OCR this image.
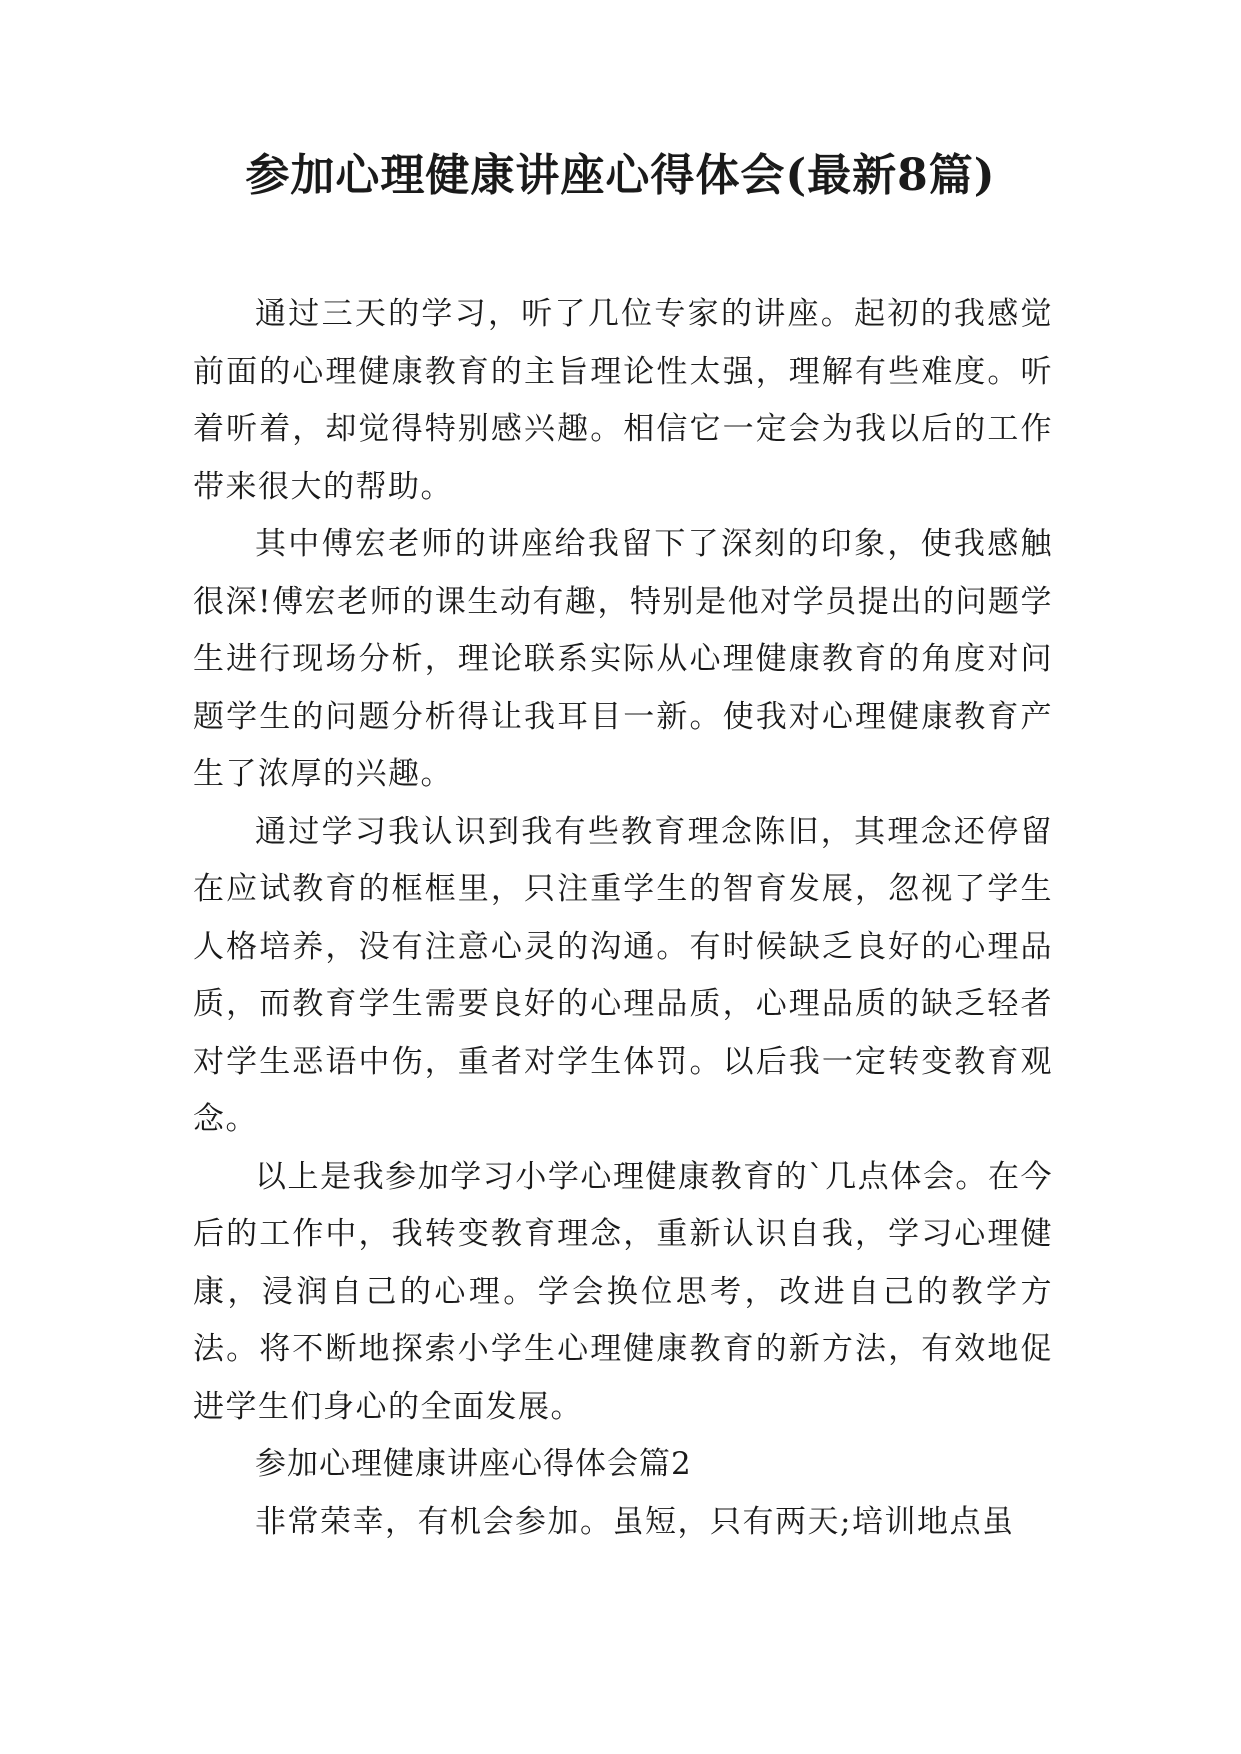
参加心理健康讲座心得体会(最新8篇)

通过三天的学习，听了几位专家的讲座。起初的我感觉前面的心理健康教育的主旨理论性太强，理解有些难度。听着听着，却觉得特别感兴趣。相信它一定会为我以后的工作带来很大的帮助。

其中傅宏老师的讲座给我留下了深刻的印象，使我感触很深!傅宏老师的课生动有趣，特别是他对学员提出的问题学生进行现场分析，理论联系实际从心理健康教育的角度对问题学生的问题分析得让我耳目一新。使我对心理健康教育产生了浓厚的兴趣。

通过学习我认识到我有些教育理念陈旧，其理念还停留在应试教育的框框里，只注重学生的智育发展，忽视了学生人格培养，没有注意心灵的沟通。有时候缺乏良好的心理品质，而教育学生需要良好的心理品质，心理品质的缺乏轻者对学生恶语中伤，重者对学生体罚。以后我一定转变教育观念。

以上是我参加学习小学心理健康教育的`几点体会。在今后的工作中，我转变教育理念，重新认识自我，学习心理健康，浸润自己的心理。学会换位思考，改进自己的教学方法。将不断地探索小学生心理健康教育的新方法，有效地促进学生们身心的全面发展。

参加心理健康讲座心得体会篇2

非常荣幸，有机会参加。虽短，只有两天;培训地点虽
